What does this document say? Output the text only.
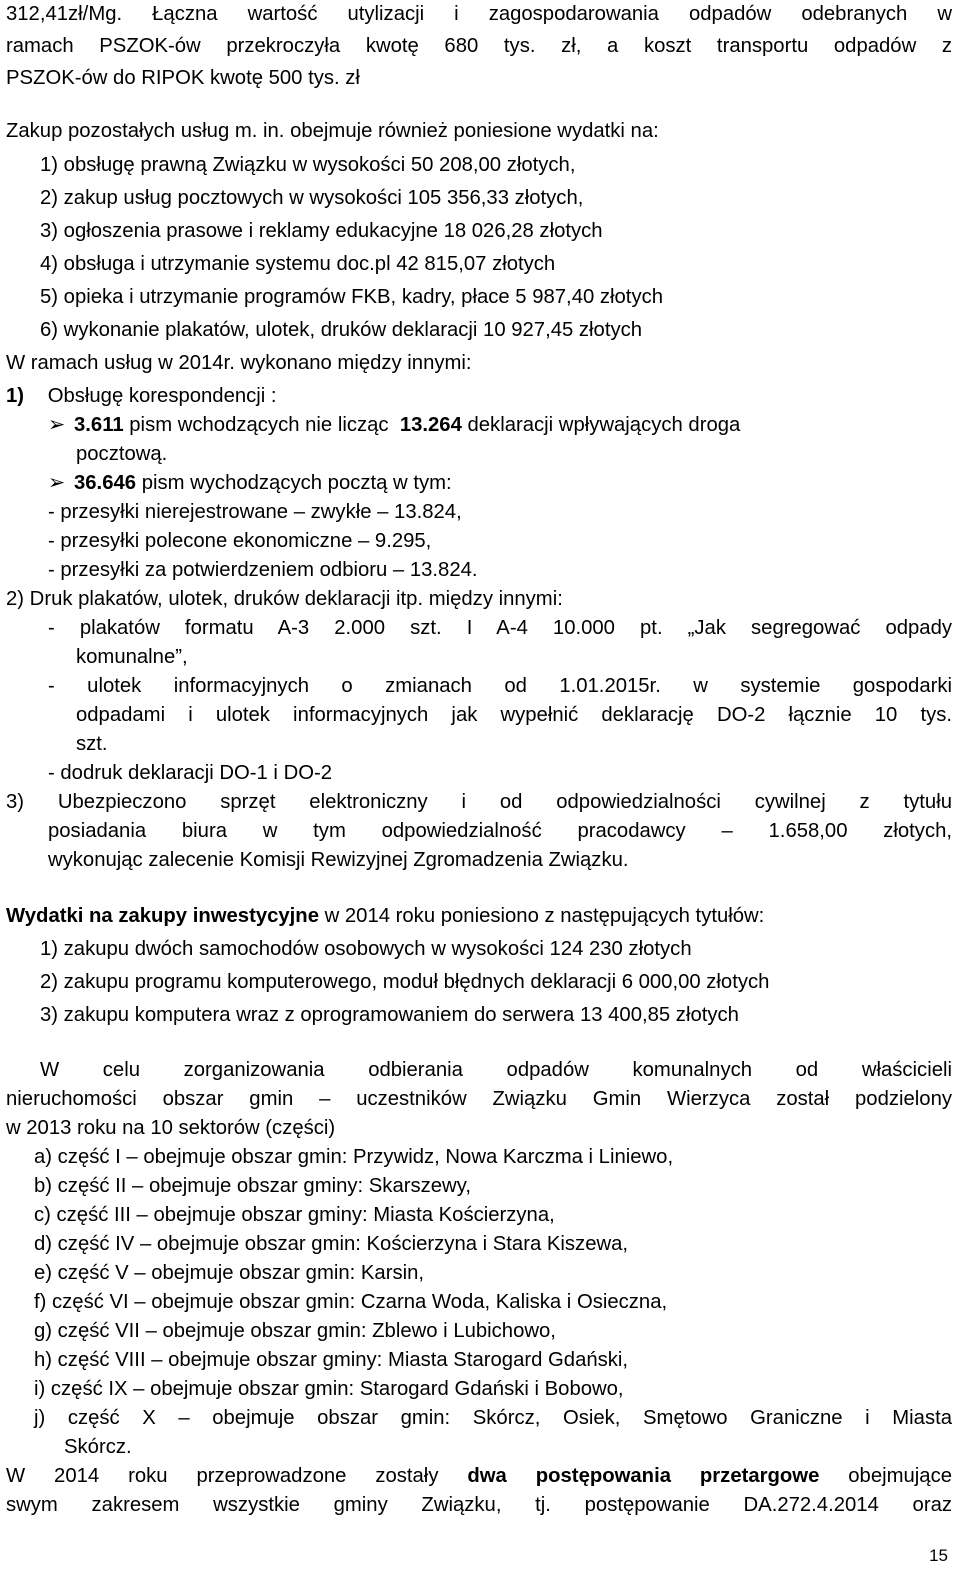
312,41zł/Mg. Łączna wartość utylizacji i zagospodarowania odpadów odebranych w
ramach PSZOK-ów przekroczyła kwotę 680 tys. zł, a koszt transportu odpadów z
PSZOK-ów do RIPOK kwotę 500 tys. zł
Zakup pozostałych usług m. in. obejmuje również poniesione wydatki na:
1) obsługę prawną Związku w wysokości 50 208,00 złotych,
2) zakup usług pocztowych w wysokości 105 356,33 złotych,
3) ogłoszenia prasowe i reklamy edukacyjne 18 026,28 złotych
4) obsługa i utrzymanie systemu doc.pl 42 815,07 złotych
5) opieka i utrzymanie programów FKB, kadry, płace 5 987,40 złotych
6) wykonanie plakatów, ulotek, druków deklaracji 10 927,45 złotych
W ramach usług w 2014r. wykonano między innymi:
1) Obsługę korespondencji :
➢ 3.611 pism wchodzących nie licząc 13.264 deklaracji wpływających droga
pocztową.
➢ 36.646 pism wychodzących pocztą w tym:
- przesyłki nierejestrowane – zwykłe – 13.824,
- przesyłki polecone ekonomiczne – 9.295,
- przesyłki za potwierdzeniem odbioru – 13.824.
2) Druk plakatów, ulotek, druków deklaracji itp. między innymi:
- plakatów formatu A-3 2.000 szt. I A-4 10.000 pt. „Jak segregować odpady
komunalne”,
- ulotek informacyjnych o zmianach od 1.01.2015r. w systemie gospodarki
odpadami i ulotek informacyjnych jak wypełnić deklarację DO-2 łącznie 10 tys.
szt.
- dodruk deklaracji DO-1 i DO-2
3) Ubezpieczono sprzęt elektroniczny i od odpowiedzialności cywilnej z tytułu
posiadania biura w tym odpowiedzialność pracodawcy – 1.658,00 złotych,
wykonując zalecenie Komisji Rewizyjnej Zgromadzenia Związku.
Wydatki na zakupy inwestycyjne w 2014 roku poniesiono z następujących tytułów:
1) zakupu dwóch samochodów osobowych w wysokości 124 230 złotych
2) zakupu programu komputerowego, moduł błędnych deklaracji 6 000,00 złotych
3) zakupu komputera wraz z oprogramowaniem do serwera 13 400,85 złotych
W celu zorganizowania odbierania odpadów komunalnych od właścicieli
nieruchomości obszar gmin – uczestników Związku Gmin Wierzyca został podzielony
w 2013 roku na 10 sektorów (części)
a) część I – obejmuje obszar gmin: Przywidz, Nowa Karczma i Liniewo,
b) część II – obejmuje obszar gminy: Skarszewy,
c) część III – obejmuje obszar gminy: Miasta Kościerzyna,
d) część IV – obejmuje obszar gmin: Kościerzyna i Stara Kiszewa,
e) część V – obejmuje obszar gmin: Karsin,
f) część VI – obejmuje obszar gmin: Czarna Woda, Kaliska i Osieczna,
g) część VII – obejmuje obszar gmin: Zblewo i Lubichowo,
h) część VIII – obejmuje obszar gminy: Miasta Starogard Gdański,
i) część IX – obejmuje obszar gmin: Starogard Gdański i Bobowo,
j) część X – obejmuje obszar gmin: Skórcz, Osiek, Smętowo Graniczne i Miasta
Skórcz.
W 2014 roku przeprowadzone zostały dwa postępowania przetargowe obejmujące
swym zakresem wszystkie gminy Związku, tj. postępowanie DA.272.4.2014 oraz
15
